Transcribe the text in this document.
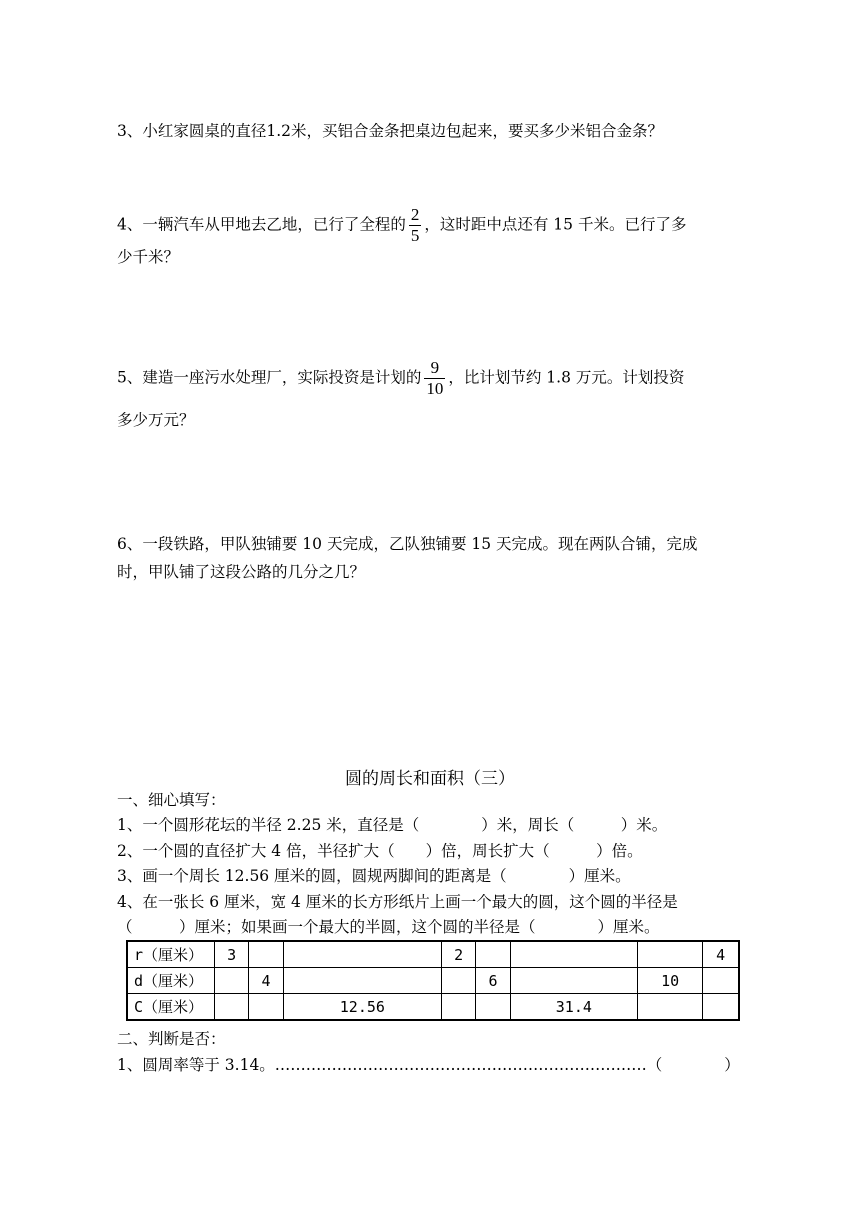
3、小红家圆桌的直径1.2米，买铝合金条把桌边包起来，要买多少米铝合金条？

4、一辆汽车从甲地去乙地，已行了全程的 $\frac{2}{5}$ ，这时距中点还有 15 千米。已行了多

少千米？

5、建造一座污水处理厂，实际投资是计划的 $\frac{9}{10}$ ，比计划节约 1.8 万元。计划投资

多少万元？

6、一段铁路，甲队独铺要 10 天完成，乙队独铺要 15 天完成。现在两队合铺，完成

时，甲队铺了这段公路的几分之几？

圆的周长和面积（三）
一、细心填写：
1、一个圆形花坛的半径 2.25 米，直径是（　　　　）米，周长（　　　）米。
2、一个圆的直径扩大 4 倍，半径扩大（　　）倍，周长扩大（　　　）倍。
3、画一个周长 12.56 厘米的圆，圆规两脚间的距离是（　　　　）厘米。
4、在一张长 6 厘米，宽 4 厘米的长方形纸片上画一个最大的圆，这个圆的半径是
（　　　）厘米；如果画一个最大的半圆，这个圆的半径是（　　　　）厘米。
r（厘米）	3			2				4
d（厘米）		4			6		10	
C（厘米）			12.56			31.4		
二、判断是否：
1、圆周率等于 3.14。………………………………………………………………（　　　　）
